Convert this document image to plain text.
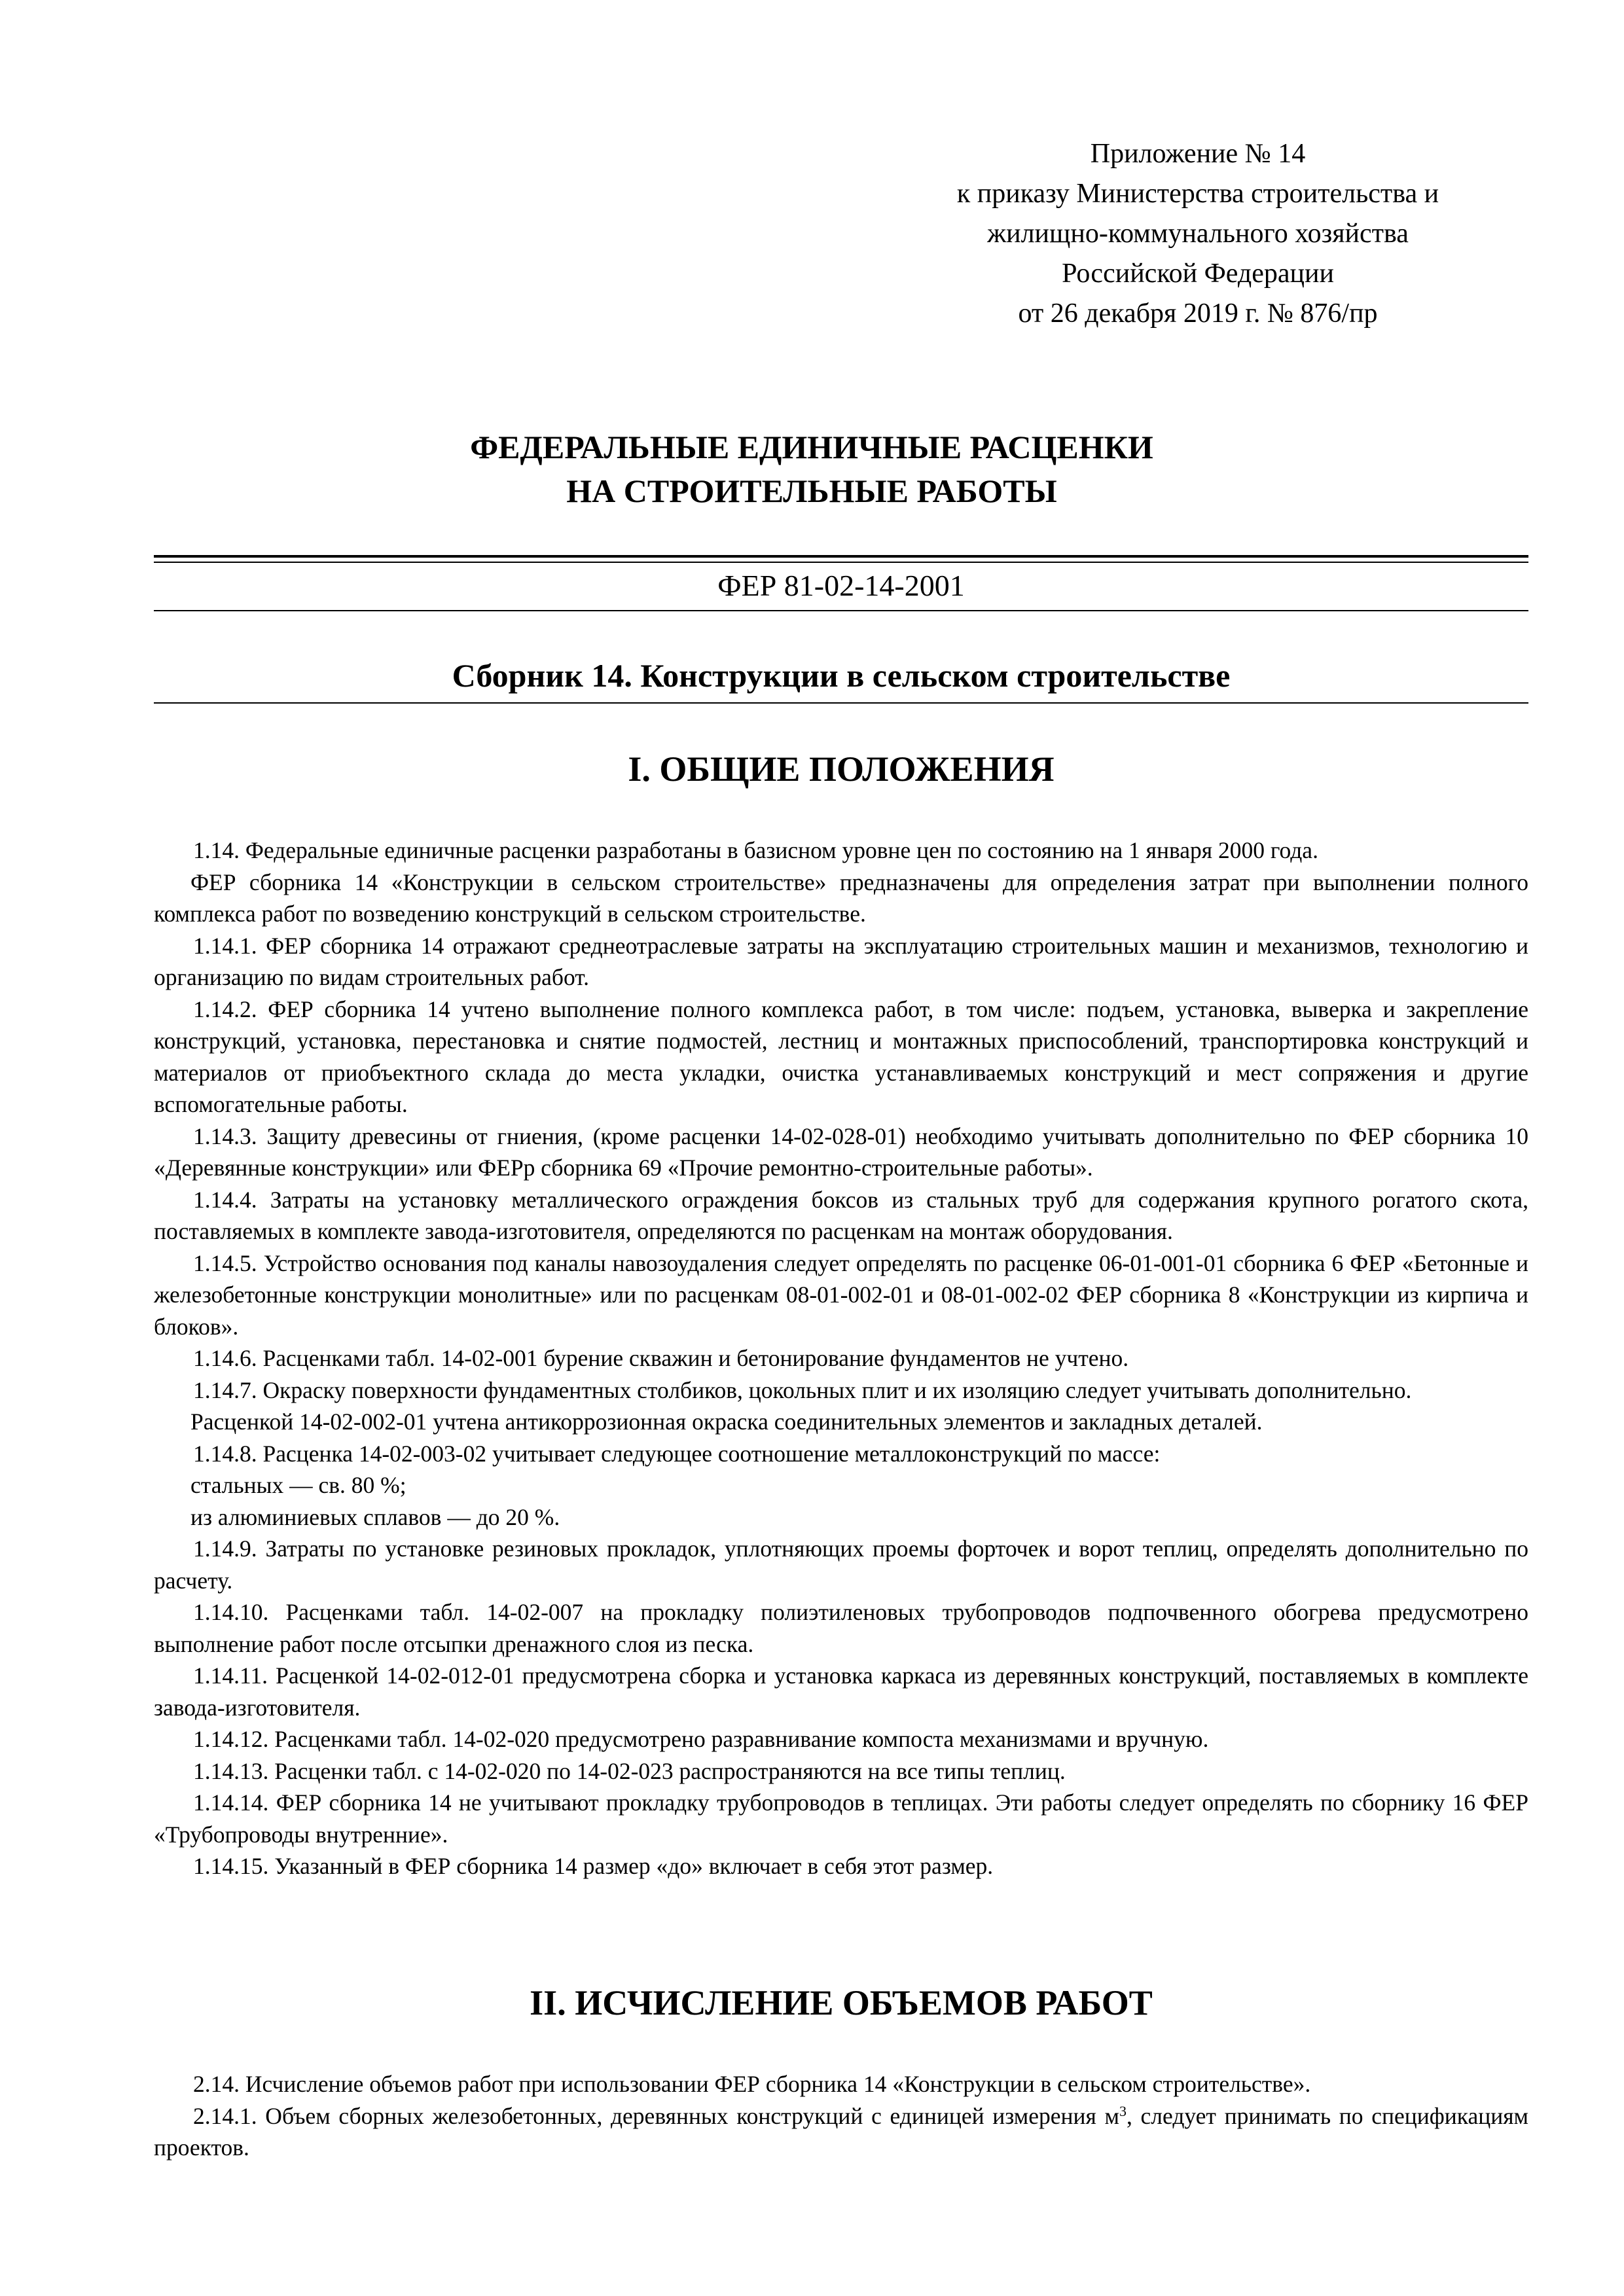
Приложение № 14
к приказу Министерства строительства и
жилищно-коммунального хозяйства
Российской Федерации
от 26 декабря 2019 г. № 876/пр
ФЕДЕРАЛЬНЫЕ ЕДИНИЧНЫЕ РАСЦЕНКИ
НА СТРОИТЕЛЬНЫЕ РАБОТЫ
ФЕР 81-02-14-2001
Сборник 14. Конструкции в сельском строительстве
I. ОБЩИЕ ПОЛОЖЕНИЯ

1.14. Федеральные единичные расценки разработаны в базисном уровне цен по состоянию на 1 января 2000 года.

ФЕР сборника 14 «Конструкции в сельском строительстве» предназначены для определения затрат при выполнении полного комплекса работ по возведению конструкций в сельском строительстве.

1.14.1. ФЕР сборника 14 отражают среднеотраслевые затраты на эксплуатацию строительных машин и механизмов, технологию и организацию по видам строительных работ.

1.14.2. ФЕР сборника 14 учтено выполнение полного комплекса работ, в том числе: подъем, установка, выверка и закрепление конструкций, установка, перестановка и снятие подмостей, лестниц и монтажных приспособлений, транспортировка конструкций и материалов от приобъектного склада до места укладки, очистка устанавливаемых конструкций и мест сопряжения и другие вспомогательные работы.

1.14.3. Защиту древесины от гниения, (кроме расценки 14-02-028-01) необходимо учитывать дополнительно по ФЕР сборника 10 «Деревянные конструкции» или ФЕРр сборника 69 «Прочие ремонтно-строительные работы».

1.14.4. Затраты на установку металлического ограждения боксов из стальных труб для содержания крупного рогатого скота, поставляемых в комплекте завода-изготовителя, определяются по расценкам на монтаж оборудования.

1.14.5. Устройство основания под каналы навозоудаления следует определять по расценке 06-01-001-01 сборника 6 ФЕР «Бетонные и железобетонные конструкции монолитные» или по расценкам 08-01-002-01 и 08-01-002-02 ФЕР сборника 8 «Конструкции из кирпича и блоков».

1.14.6. Расценками табл. 14-02-001 бурение скважин и бетонирование фундаментов не учтено.

1.14.7. Окраску поверхности фундаментных столбиков, цокольных плит и их изоляцию следует учитывать дополнительно.

Расценкой 14-02-002-01 учтена антикоррозионная окраска соединительных элементов и закладных деталей.

1.14.8. Расценка 14-02-003-02 учитывает следующее соотношение металлоконструкций по массе:

стальных — св. 80 %;

из алюминиевых сплавов — до 20 %.

1.14.9. Затраты по установке резиновых прокладок, уплотняющих проемы форточек и ворот теплиц, определять дополнительно по расчету.

1.14.10. Расценками табл. 14-02-007 на прокладку полиэтиленовых трубопроводов подпочвенного обогрева предусмотрено выполнение работ после отсыпки дренажного слоя из песка.

1.14.11. Расценкой 14-02-012-01 предусмотрена сборка и установка каркаса из деревянных конструкций, поставляемых в комплекте завода-изготовителя.

1.14.12. Расценками табл. 14-02-020 предусмотрено разравнивание компоста механизмами и вручную.

1.14.13. Расценки табл. с 14-02-020 по 14-02-023 распространяются на все типы теплиц.

1.14.14. ФЕР сборника 14 не учитывают прокладку трубопроводов в теплицах. Эти работы следует определять по сборнику 16 ФЕР «Трубопроводы внутренние».

1.14.15. Указанный в ФЕР сборника 14 размер «до» включает в себя этот размер.

II. ИСЧИСЛЕНИЕ ОБЪЕМОВ РАБОТ

2.14. Исчисление объемов работ при использовании ФЕР сборника 14 «Конструкции в сельском строительстве».

2.14.1. Объем сборных железобетонных, деревянных конструкций с единицей измерения $м^3$, следует принимать по спецификациям проектов.
